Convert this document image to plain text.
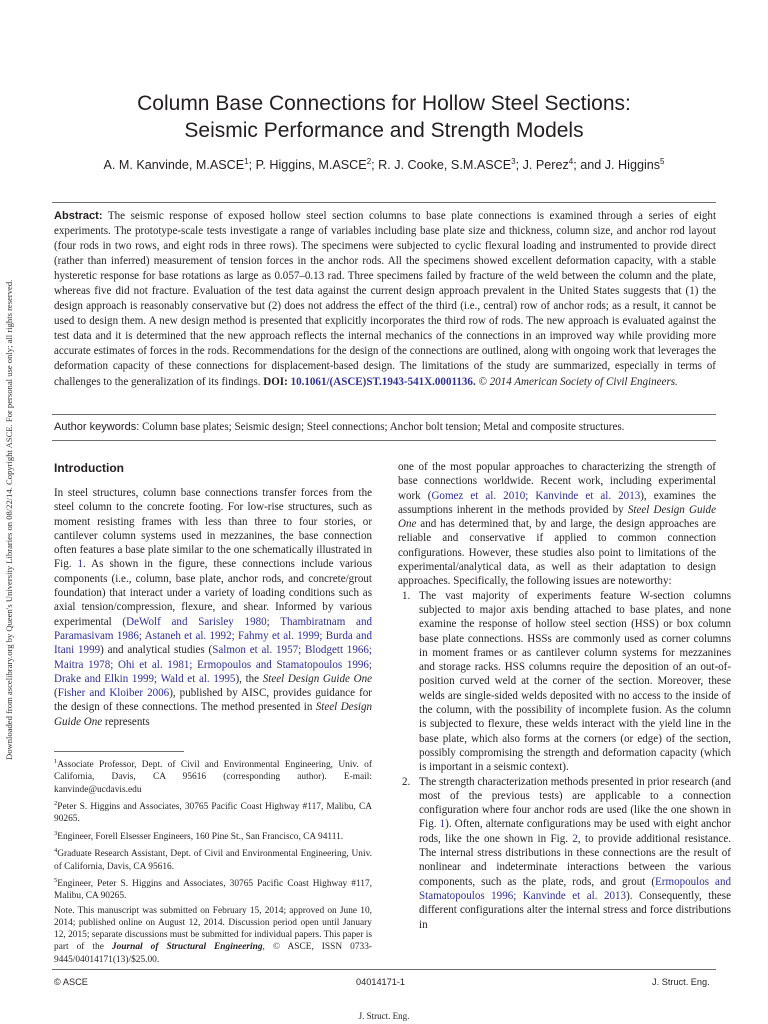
Downloaded from ascelibrary.org by Queen's University Libraries on 08/22/14. Copyright ASCE. For personal use only; all rights reserved.
Column Base Connections for Hollow Steel Sections:
Seismic Performance and Strength Models
A. M. Kanvinde, M.ASCE$^1$; P. Higgins, M.ASCE$^2$; R. J. Cooke, S.M.ASCE$^3$; J. Perez$^4$; and J. Higgins$^5$
Abstract: The seismic response of exposed hollow steel section columns to base plate connections is examined through a series of eight experiments. The prototype-scale tests investigate a range of variables including base plate size and thickness, column size, and anchor rod layout (four rods in two rows, and eight rods in three rows). The specimens were subjected to cyclic flexural loading and instrumented to provide direct (rather than inferred) measurement of tension forces in the anchor rods. All the specimens showed excellent deformation capacity, with a stable hysteretic response for base rotations as large as 0.057–0.13 rad. Three specimens failed by fracture of the weld between the column and the plate, whereas five did not fracture. Evaluation of the test data against the current design approach prevalent in the United States suggests that (1) the design approach is reasonably conservative but (2) does not address the effect of the third (i.e., central) row of anchor rods; as a result, it cannot be used to design them. A new design method is presented that explicitly incorporates the third row of rods. The new approach is evaluated against the test data and it is determined that the new approach reflects the internal mechanics of the connections in an improved way while providing more accurate estimates of forces in the rods. Recommendations for the design of the connections are outlined, along with ongoing work that leverages the deformation capacity of these connections for displacement-based design. The limitations of the study are summarized, especially in terms of challenges to the generalization of its findings. DOI: 10.1061/(ASCE)ST.1943-541X.0001136. © 2014 American Society of Civil Engineers.
Author keywords: Column base plates; Seismic design; Steel connections; Anchor bolt tension; Metal and composite structures.
Introduction
In steel structures, column base connections transfer forces from the steel column to the concrete footing. For low-rise structures, such as moment resisting frames with less than three to four stories, or cantilever column systems used in mezzanines, the base connection often features a base plate similar to the one schematically illustrated in Fig. 1. As shown in the figure, these connections include various components (i.e., column, base plate, anchor rods, and concrete/grout foundation) that interact under a variety of loading conditions such as axial tension/compression, flexure, and shear. Informed by various experimental (DeWolf and Sarisley 1980; Thambiratnam and Paramasivam 1986; Astaneh et al. 1992; Fahmy et al. 1999; Burda and Itani 1999) and analytical studies (Salmon et al. 1957; Blodgett 1966; Maitra 1978; Ohi et al. 1981; Ermopoulos and Stamatopoulos 1996; Drake and Elkin 1999; Wald et al. 1995), the Steel Design Guide One (Fisher and Kloiber 2006), published by AISC, provides guidance for the design of these connections. The method presented in Steel Design Guide One represents

$^1$Associate Professor, Dept. of Civil and Environmental Engineering, Univ. of California, Davis, CA 95616 (corresponding author). E-mail: kanvinde@ucdavis.edu

$^2$Peter S. Higgins and Associates, 30765 Pacific Coast Highway #117, Malibu, CA 90265.

$^3$Engineer, Forell Elsesser Engineers, 160 Pine St., San Francisco, CA 94111.

$^4$Graduate Research Assistant, Dept. of Civil and Environmental Engineering, Univ. of California, Davis, CA 95616.

$^5$Engineer, Peter S. Higgins and Associates, 30765 Pacific Coast Highway #117, Malibu, CA 90265.

Note. This manuscript was submitted on February 15, 2014; approved on June 10, 2014; published online on August 12, 2014. Discussion period open until January 12, 2015; separate discussions must be submitted for individual papers. This paper is part of the Journal of Structural Engineering, © ASCE, ISSN 0733-9445/04014171(13)/$25.00.

one of the most popular approaches to characterizing the strength of base connections worldwide. Recent work, including experimental work (Gomez et al. 2010; Kanvinde et al. 2013), examines the assumptions inherent in the methods provided by Steel Design Guide One and has determined that, by and large, the design approaches are reliable and conservative if applied to common connection configurations. However, these studies also point to limitations of the experimental/analytical data, as well as their adaptation to design approaches. Specifically, the following issues are noteworthy:
1. The vast majority of experiments feature W-section columns subjected to major axis bending attached to base plates, and none examine the response of hollow steel section (HSS) or box column base plate connections. HSSs are commonly used as corner columns in moment frames or as cantilever column systems for mezzanines and storage racks. HSS columns require the deposition of an out-of-position curved weld at the corner of the section. Moreover, these welds are single-sided welds deposited with no access to the inside of the column, with the possibility of incomplete fusion. As the column is subjected to flexure, these welds interact with the yield line in the base plate, which also forms at the corners (or edge) of the section, possibly compromising the strength and deformation capacity (which is important in a seismic context).
2. The strength characterization methods presented in prior research (and most of the previous tests) are applicable to a connection configuration where four anchor rods are used (like the one shown in Fig. 1). Often, alternate configurations may be used with eight anchor rods, like the one shown in Fig. 2, to provide additional resistance. The internal stress distributions in these connections are the result of nonlinear and indeterminate interactions between the various components, such as the plate, rods, and grout (Ermopoulos and Stamatopoulos 1996; Kanvinde et al. 2013). Consequently, these different configurations alter the internal stress and force distributions in
© ASCE	04014171-1	J. Struct. Eng.
J. Struct. Eng.
